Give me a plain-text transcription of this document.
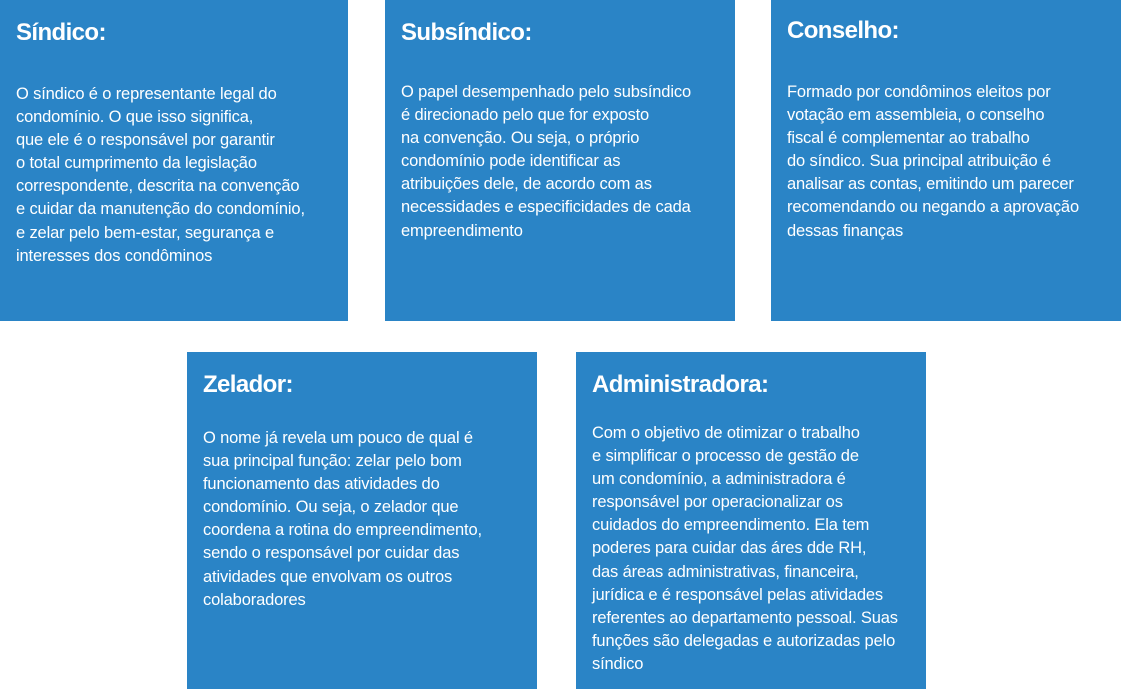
Síndico:
O síndico é o representante legal do
condomínio. O que isso significa,
que ele é o responsável por garantir
o total cumprimento da legislação
correspondente, descrita na convenção
e cuidar da manutenção do condomínio,
e zelar pelo bem-estar, segurança e
interesses dos condôminos
Subsíndico:
O papel desempenhado pelo subsíndico
é direcionado pelo que for exposto
na convenção. Ou seja, o próprio
condomínio pode identificar as
atribuições dele, de acordo com as
necessidades e especificidades de cada
empreendimento
Conselho:
Formado por condôminos eleitos por
votação em assembleia, o conselho
fiscal é complementar ao trabalho
do síndico. Sua principal atribuição é
analisar as contas, emitindo um parecer
recomendando ou negando a aprovação
dessas finanças
Zelador:
O nome já revela um pouco de qual é
sua principal função: zelar pelo bom
funcionamento das atividades do
condomínio. Ou seja, o zelador que
coordena a rotina do empreendimento,
sendo o responsável por cuidar das
atividades que envolvam os outros
colaboradores
Administradora:
Com o objetivo de otimizar o trabalho
e simplificar o processo de gestão de
um condomínio, a administradora é
responsável por operacionalizar os
cuidados do empreendimento. Ela tem
poderes para cuidar das áres dde RH,
das áreas administrativas, financeira,
jurídica e é responsável pelas atividades
referentes ao departamento pessoal. Suas
funções são delegadas e autorizadas pelo
síndico
